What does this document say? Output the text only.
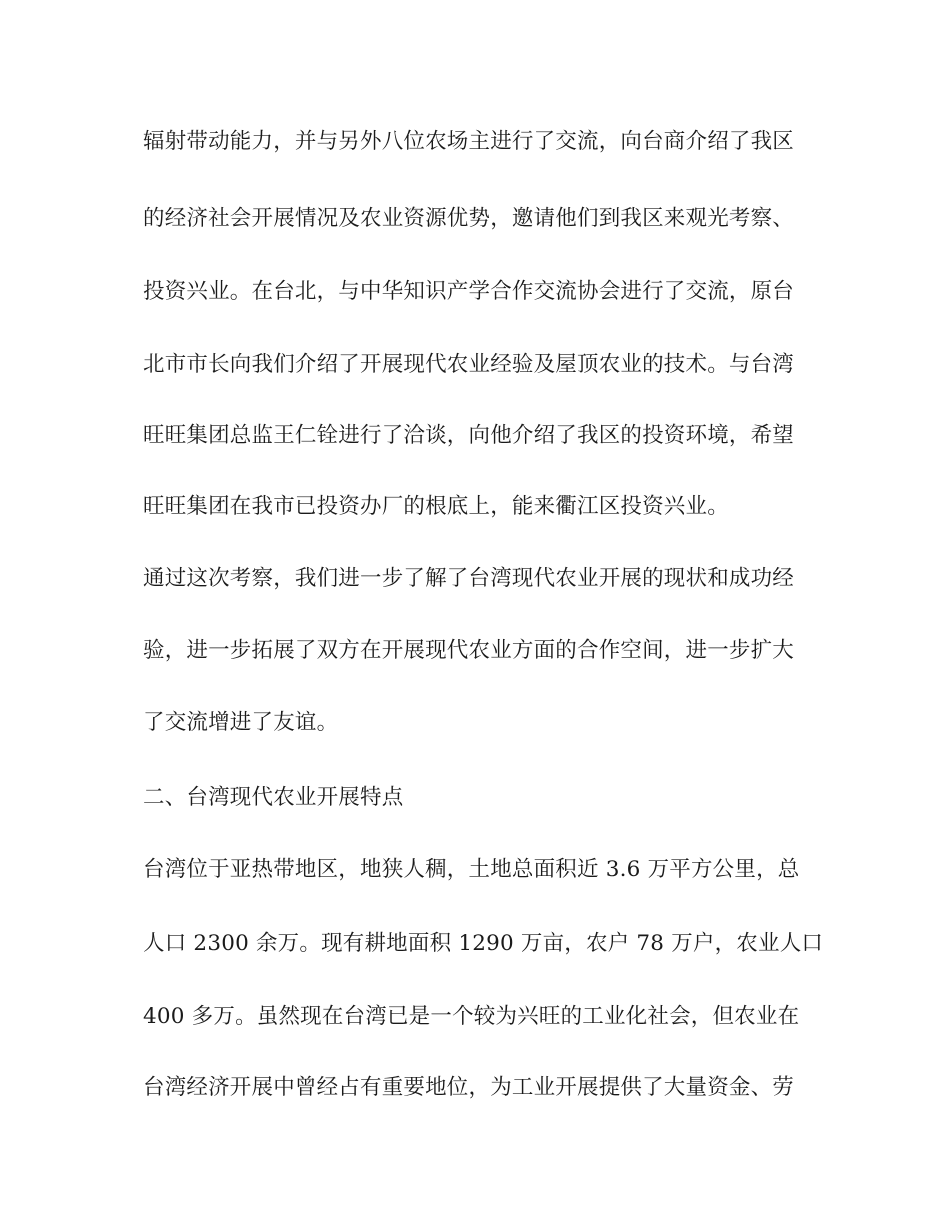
辐射带动能力，并与另外八位农场主进行了交流，向台商介绍了我区
的经济社会开展情况及农业资源优势，邀请他们到我区来观光考察、
投资兴业。在台北，与中华知识产学合作交流协会进行了交流，原台
北市市长向我们介绍了开展现代农业经验及屋顶农业的技术。与台湾
旺旺集团总监王仁铨进行了洽谈，向他介绍了我区的投资环境，希望
旺旺集团在我市已投资办厂的根底上，能来衢江区投资兴业。
通过这次考察，我们进一步了解了台湾现代农业开展的现状和成功经
验，进一步拓展了双方在开展现代农业方面的合作空间，进一步扩大
了交流增进了友谊。
二、台湾现代农业开展特点
台湾位于亚热带地区，地狭人稠，土地总面积近 3.6 万平方公里，总
人口 2300 余万。现有耕地面积 1290 万亩，农户 78 万户，农业人口
400 多万。虽然现在台湾已是一个较为兴旺的工业化社会，但农业在
台湾经济开展中曾经占有重要地位，为工业开展提供了大量资金、劳
